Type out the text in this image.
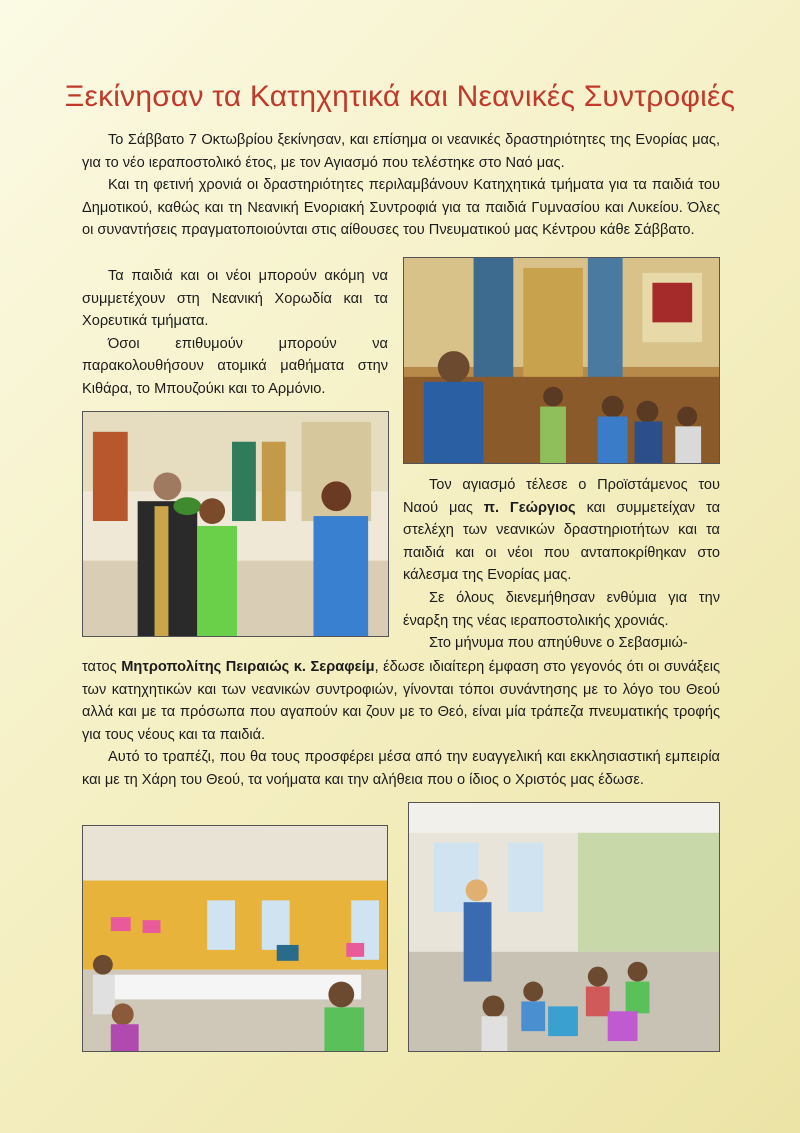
Ξεκίνησαν τα Κατηχητικά και Νεανικές Συντροφιές

Το Σάββατο 7 Οκτωβρίου ξεκίνησαν, και επίσημα οι νεανικές δραστηριότητες της Ενορίας μας, για το νέο ιεραποστολικό έτος, με τον Αγιασμό που τελέστηκε στο Ναό μας.

Και τη φετινή χρονιά οι δραστηριότητες περιλαμβάνουν Κατηχητικά τμήματα για τα παιδιά του Δημοτικού, καθώς και τη Νεανική Ενοριακή Συντροφιά για τα παιδιά Γυμνασίου και Λυκείου. Όλες οι συναντήσεις πραγματοποιούνται στις αίθουσες του Πνευματικού μας Κέντρου κάθε Σάββατο.

Τα παιδιά και οι νέοι μπορούν ακόμη να συμμετέχουν στη Νεανική Χορωδία και τα Χορευτικά τμήματα.

Όσοι επιθυμούν μπορούν να παρακολουθήσουν ατομικά μαθήματα στην Κιθάρα, το Μπουζούκι και το Αρμόνιο.

Τον αγιασμό τέλεσε ο Προϊστάμενος του Ναού μας π. Γεώργιος και συμμετείχαν τα στελέχη των νεανικών δραστηριοτήτων και τα παιδιά και οι νέοι που ανταποκρίθηκαν στο κάλεσμα της Ενορίας μας.

Σε όλους διενεμήθησαν ενθύμια για την έναρξη της νέας ιεραποστολικής χρονιάς.

Στο μήνυμα που απηύθυνε ο Σεβασμιώ-

τατος Μητροπολίτης Πειραιώς κ. Σεραφείμ, έδωσε ιδιαίτερη έμφαση στο γεγονός ότι οι συνάξεις των κατηχητικών και των νεανικών συντροφιών, γίνονται τόποι συνάντησης με το λόγο του Θεού αλλά και με τα πρόσωπα που αγαπούν και ζουν με το Θεό, είναι μία τράπεζα πνευματικής τροφής για τους νέους και τα παιδιά.

Αυτό το τραπέζι, που θα τους προσφέρει μέσα από την ευαγγελική και εκκλησιαστική εμπειρία και με τη Χάρη του Θεού, τα νοήματα και την αλήθεια που ο ίδιος ο Χριστός μας έδωσε.
